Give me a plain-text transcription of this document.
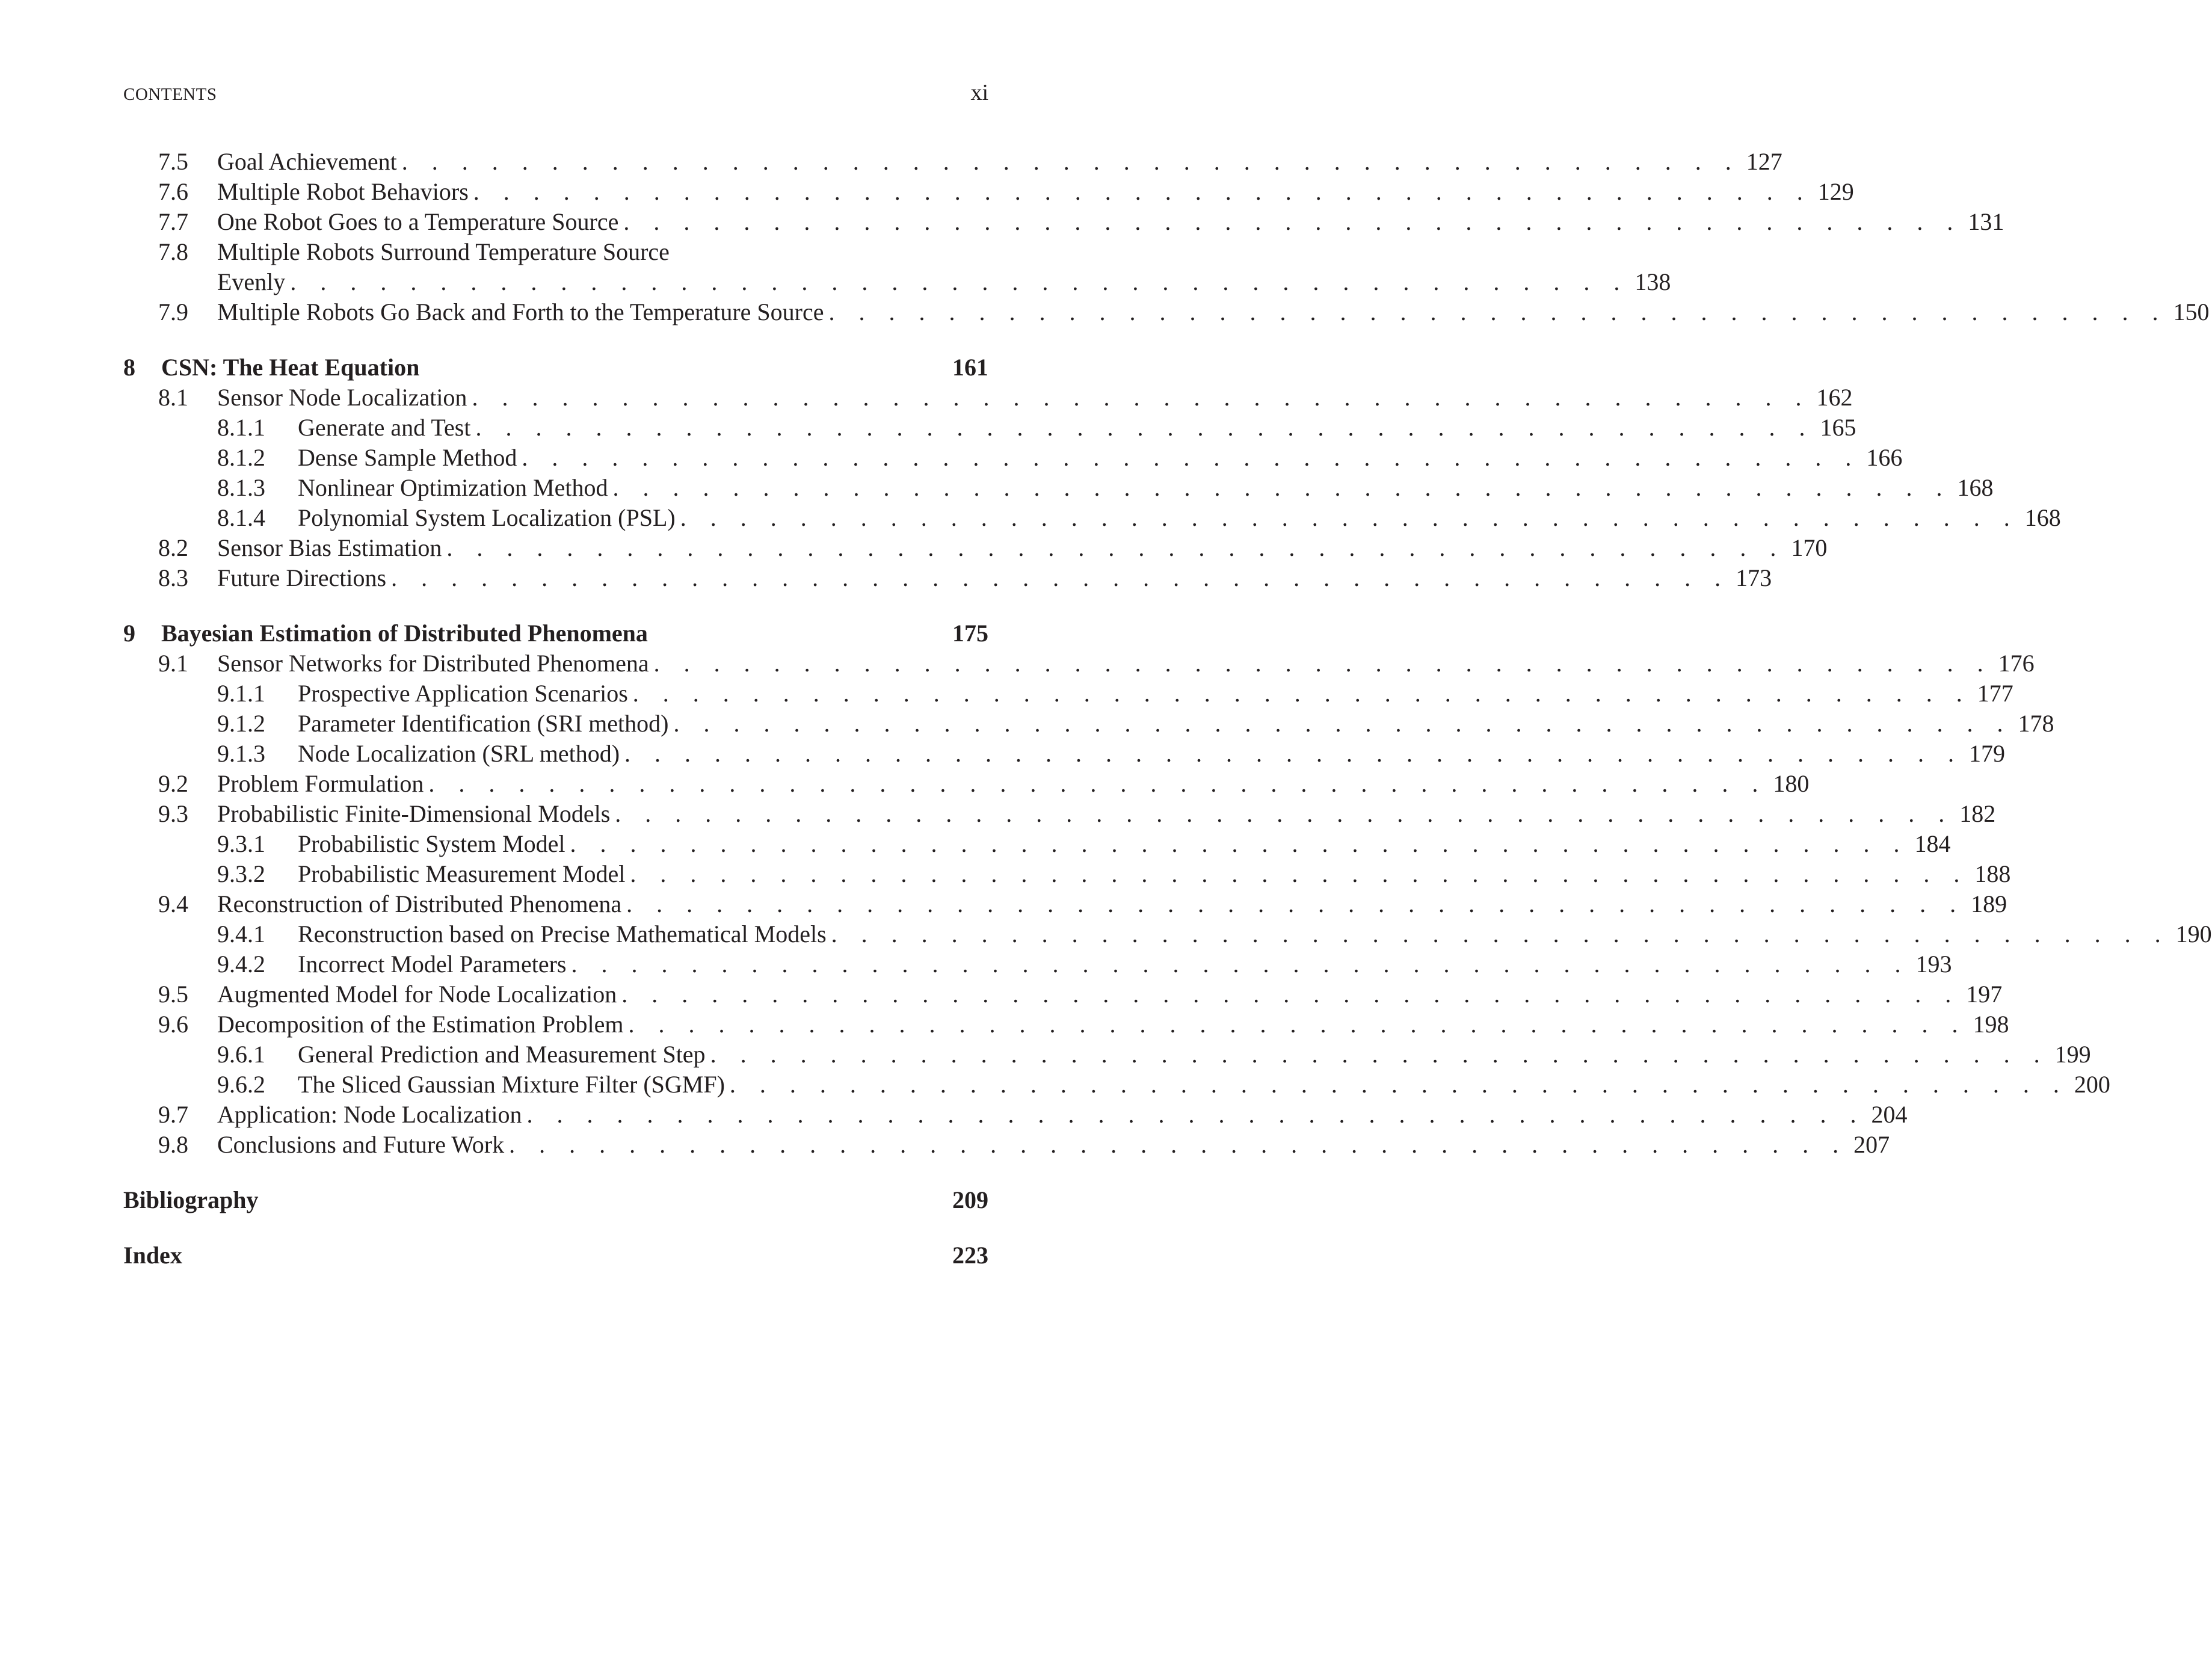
CONTENTS	xi
7.5	Goal Achievement . . . . . . . . . . . . . . . . . . . . . . . . . . . . . . . . . . . . . . . . . . . . . 127
7.6	Multiple Robot Behaviors . . . . . . . . . . . . . . . . . . . . . . . . . . . . . . . . . . . . . . . . . . . . . 129
7.7	One Robot Goes to a Temperature Source . . . . . . . . . . . . . . . . . . . . . . . . . . . . . . . . . . . . . . . . . . . . . 131
7.8	Multiple Robots Surround Temperature Source
Evenly . . . . . . . . . . . . . . . . . . . . . . . . . . . . . . . . . . . . . . . . . . . . . 138
7.9	Multiple Robots Go Back and Forth to the Temperature Source . . . . . . . . . . . . . . . . . . . . . . . . . . . . . . . . . . . . . . . . . . . . . 150
8	CSN: The Heat Equation	161
8.1	Sensor Node Localization . . . . . . . . . . . . . . . . . . . . . . . . . . . . . . . . . . . . . . . . . . . . . 162
8.1.1	Generate and Test . . . . . . . . . . . . . . . . . . . . . . . . . . . . . . . . . . . . . . . . . . . . . 165
8.1.2	Dense Sample Method . . . . . . . . . . . . . . . . . . . . . . . . . . . . . . . . . . . . . . . . . . . . . 166
8.1.3	Nonlinear Optimization Method . . . . . . . . . . . . . . . . . . . . . . . . . . . . . . . . . . . . . . . . . . . . . 168
8.1.4	Polynomial System Localization (PSL) . . . . . . . . . . . . . . . . . . . . . . . . . . . . . . . . . . . . . . . . . . . . . 168
8.2	Sensor Bias Estimation . . . . . . . . . . . . . . . . . . . . . . . . . . . . . . . . . . . . . . . . . . . . . 170
8.3	Future Directions . . . . . . . . . . . . . . . . . . . . . . . . . . . . . . . . . . . . . . . . . . . . . 173
9	Bayesian Estimation of Distributed Phenomena	175
9.1	Sensor Networks for Distributed Phenomena . . . . . . . . . . . . . . . . . . . . . . . . . . . . . . . . . . . . . . . . . . . . . 176
9.1.1	Prospective Application Scenarios . . . . . . . . . . . . . . . . . . . . . . . . . . . . . . . . . . . . . . . . . . . . . 177
9.1.2	Parameter Identification (SRI method) . . . . . . . . . . . . . . . . . . . . . . . . . . . . . . . . . . . . . . . . . . . . . 178
9.1.3	Node Localization (SRL method) . . . . . . . . . . . . . . . . . . . . . . . . . . . . . . . . . . . . . . . . . . . . . 179
9.2	Problem Formulation . . . . . . . . . . . . . . . . . . . . . . . . . . . . . . . . . . . . . . . . . . . . . 180
9.3	Probabilistic Finite-Dimensional Models . . . . . . . . . . . . . . . . . . . . . . . . . . . . . . . . . . . . . . . . . . . . . 182
9.3.1	Probabilistic System Model . . . . . . . . . . . . . . . . . . . . . . . . . . . . . . . . . . . . . . . . . . . . . 184
9.3.2	Probabilistic Measurement Model . . . . . . . . . . . . . . . . . . . . . . . . . . . . . . . . . . . . . . . . . . . . . 188
9.4	Reconstruction of Distributed Phenomena . . . . . . . . . . . . . . . . . . . . . . . . . . . . . . . . . . . . . . . . . . . . . 189
9.4.1	Reconstruction based on Precise Mathematical Models . . . . . . . . . . . . . . . . . . . . . . . . . . . . . . . . . . . . . . . . . . . . . 190
9.4.2	Incorrect Model Parameters . . . . . . . . . . . . . . . . . . . . . . . . . . . . . . . . . . . . . . . . . . . . . 193
9.5	Augmented Model for Node Localization . . . . . . . . . . . . . . . . . . . . . . . . . . . . . . . . . . . . . . . . . . . . . 197
9.6	Decomposition of the Estimation Problem . . . . . . . . . . . . . . . . . . . . . . . . . . . . . . . . . . . . . . . . . . . . . 198
9.6.1	General Prediction and Measurement Step . . . . . . . . . . . . . . . . . . . . . . . . . . . . . . . . . . . . . . . . . . . . . 199
9.6.2	The Sliced Gaussian Mixture Filter (SGMF) . . . . . . . . . . . . . . . . . . . . . . . . . . . . . . . . . . . . . . . . . . . . . 200
9.7	Application: Node Localization . . . . . . . . . . . . . . . . . . . . . . . . . . . . . . . . . . . . . . . . . . . . . 204
9.8	Conclusions and Future Work . . . . . . . . . . . . . . . . . . . . . . . . . . . . . . . . . . . . . . . . . . . . . 207
Bibliography	209
Index	223
